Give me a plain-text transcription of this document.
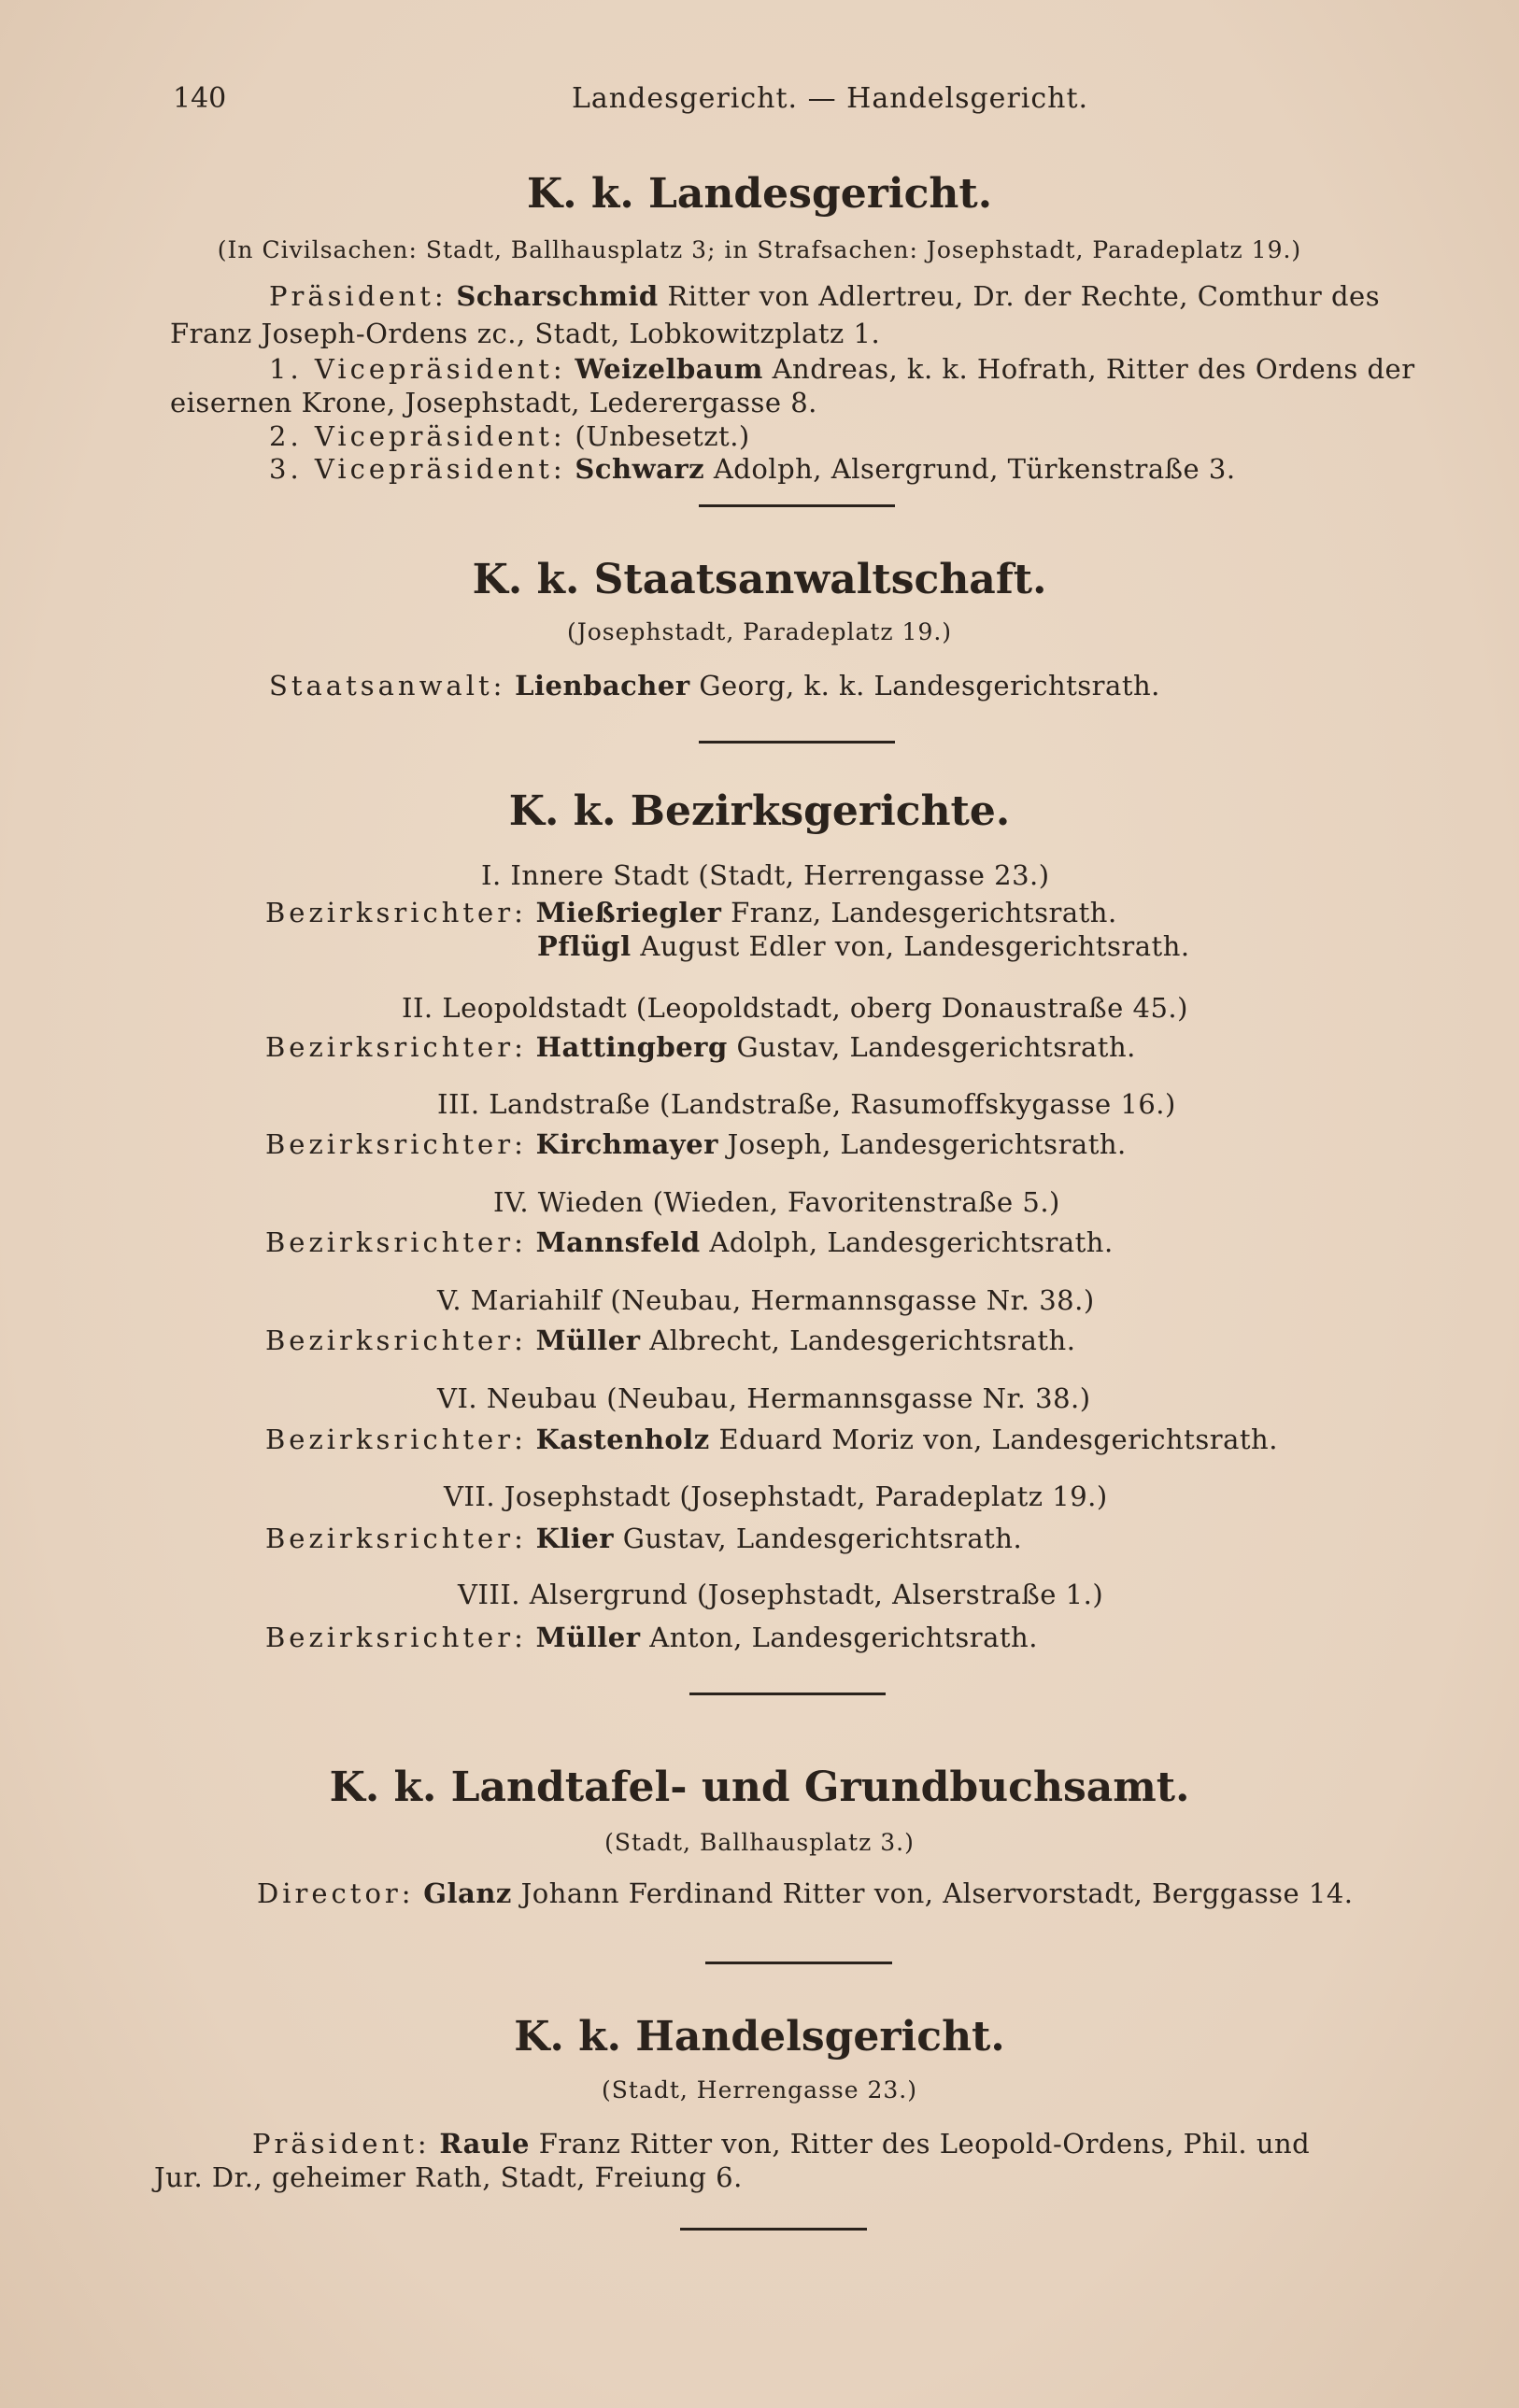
140	Landesgericht. — Handelsgericht.
K. k. Landesgericht.
(In Civilsachen: Stadt, Ballhausplatz 3; in Strafsachen: Josephstadt, Paradeplatz 19.)
Präsident: Scharschmid Ritter von Adlertreu, Dr. der Rechte, Comthur des
Franz Joseph-Ordens zc., Stadt, Lobkowitzplatz 1.
1. Vicepräsident: Weizelbaum Andreas, k. k. Hofrath, Ritter des Ordens der
eisernen Krone, Josephstadt, Lederergasse 8.
2. Vicepräsident: (Unbesetzt.)
3. Vicepräsident: Schwarz Adolph, Alsergrund, Türkenstraße 3.
K. k. Staatsanwaltschaft.
(Josephstadt, Paradeplatz 19.)
Staatsanwalt: Lienbacher Georg, k. k. Landesgerichtsrath.
K. k. Bezirksgerichte.
I. Innere Stadt (Stadt, Herrengasse 23.)
Bezirksrichter: Mießriegler Franz, Landesgerichtsrath.
Pflügl August Edler von, Landesgerichtsrath.
II. Leopoldstadt (Leopoldstadt, oberg Donaustraße 45.)
Bezirksrichter: Hattingberg Gustav, Landesgerichtsrath.
III. Landstraße (Landstraße, Rasumoffskygasse 16.)
Bezirksrichter: Kirchmayer Joseph, Landesgerichtsrath.
IV. Wieden (Wieden, Favoritenstraße 5.)
Bezirksrichter: Mannsfeld Adolph, Landesgerichtsrath.
V. Mariahilf (Neubau, Hermannsgasse Nr. 38.)
Bezirksrichter: Müller Albrecht, Landesgerichtsrath.
VI. Neubau (Neubau, Hermannsgasse Nr. 38.)
Bezirksrichter: Kastenholz Eduard Moriz von, Landesgerichtsrath.
VII. Josephstadt (Josephstadt, Paradeplatz 19.)
Bezirksrichter: Klier Gustav, Landesgerichtsrath.
VIII. Alsergrund (Josephstadt, Alserstraße 1.)
Bezirksrichter: Müller Anton, Landesgerichtsrath.
K. k. Landtafel- und Grundbuchsamt.
(Stadt, Ballhausplatz 3.)
Director: Glanz Johann Ferdinand Ritter von, Alservorstadt, Berggasse 14.
K. k. Handelsgericht.
(Stadt, Herrengasse 23.)
Präsident: Raule Franz Ritter von, Ritter des Leopold-Ordens, Phil. und
Jur. Dr., geheimer Rath, Stadt, Freiung 6.
